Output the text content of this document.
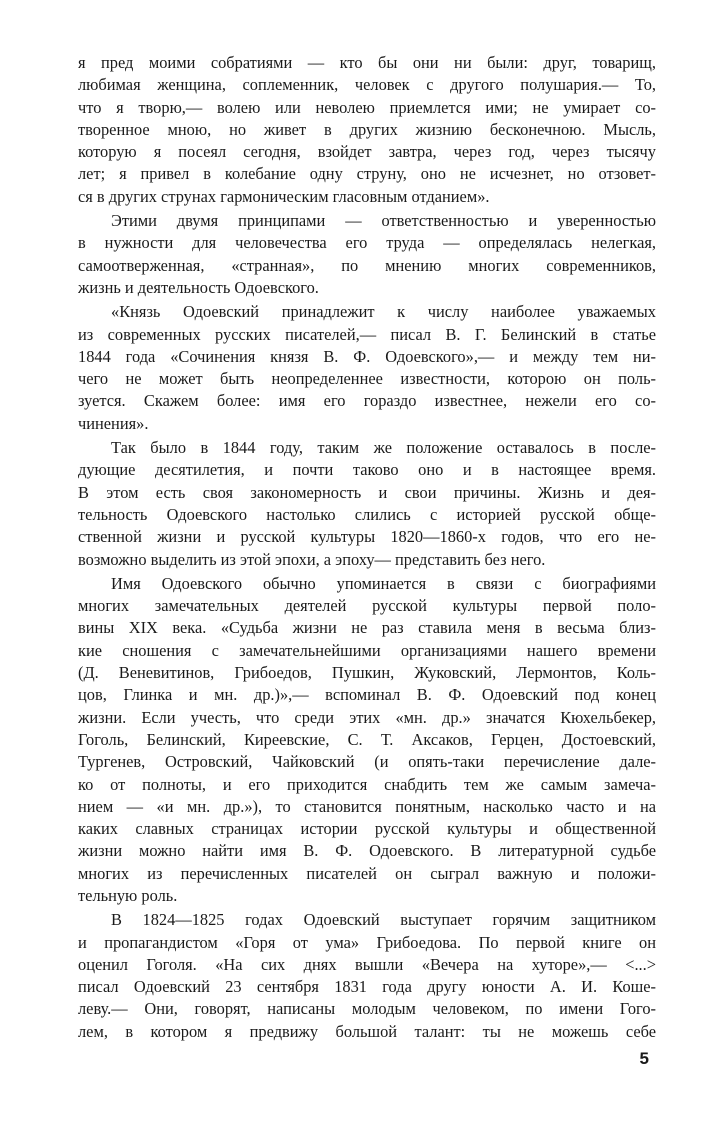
я пред моими собратиями — кто бы они ни были: друг, товарищ,
любимая женщина, соплеменник, человек с другого полушария.— То,
что я творю,— волею или неволею приемлется ими; не умирает со-
творенное мною, но живет в других жизнию бесконечною. Мысль,
которую я посеял сегодня, взойдет завтра, через год, через тысячу
лет; я привел в колебание одну струну, оно не исчезнет, но отзовет-
ся в других струнах гармоническим гласовным отданием».
Этими двумя принципами — ответственностью и уверенностью
в нужности для человечества его труда — определялась нелегкая,
самоотверженная, «странная», по мнению многих современников,
жизнь и деятельность Одоевского.
«Князь Одоевский принадлежит к числу наиболее уважаемых
из современных русских писателей,— писал В. Г. Белинский в статье
1844 года «Сочинения князя В. Ф. Одоевского»,— и между тем ни-
чего не может быть неопределеннее известности, которою он поль-
зуется. Скажем более: имя его гораздо известнее, нежели его со-
чинения».
Так было в 1844 году, таким же положение оставалось в после-
дующие десятилетия, и почти таково оно и в настоящее время.
В этом есть своя закономерность и свои причины. Жизнь и дея-
тельность Одоевского настолько слились с историей русской обще-
ственной жизни и русской культуры 1820—1860-х годов, что его не-
возможно выделить из этой эпохи, а эпоху— представить без него.
Имя Одоевского обычно упоминается в связи с биографиями
многих замечательных деятелей русской культуры первой поло-
вины XIX века. «Судьба жизни не раз ставила меня в весьма близ-
кие сношения с замечательнейшими организациями нашего времени
(Д. Веневитинов, Грибоедов, Пушкин, Жуковский, Лермонтов, Коль-
цов, Глинка и мн. др.)»,— вспоминал В. Ф. Одоевский под конец
жизни. Если учесть, что среди этих «мн. др.» значатся Кюхельбекер,
Гоголь, Белинский, Киреевские, С. Т. Аксаков, Герцен, Достоевский,
Тургенев, Островский, Чайковский (и опять-таки перечисление дале-
ко от полноты, и его приходится снабдить тем же самым замеча-
нием — «и мн. др.»), то становится понятным, насколько часто и на
каких славных страницах истории русской культуры и общественной
жизни можно найти имя В. Ф. Одоевского. В литературной судьбе
многих из перечисленных писателей он сыграл важную и положи-
тельную роль.
В 1824—1825 годах Одоевский выступает горячим защитником
и пропагандистом «Горя от ума» Грибоедова. По первой книге он
оценил Гоголя. «На сих днях вышли «Вечера на хуторе»,— <...>
писал Одоевский 23 сентября 1831 года другу юности А. И. Коше-
леву.— Они, говорят, написаны молодым человеком, по имени Гого-
лем, в котором я предвижу большой талант: ты не можешь себе
5
